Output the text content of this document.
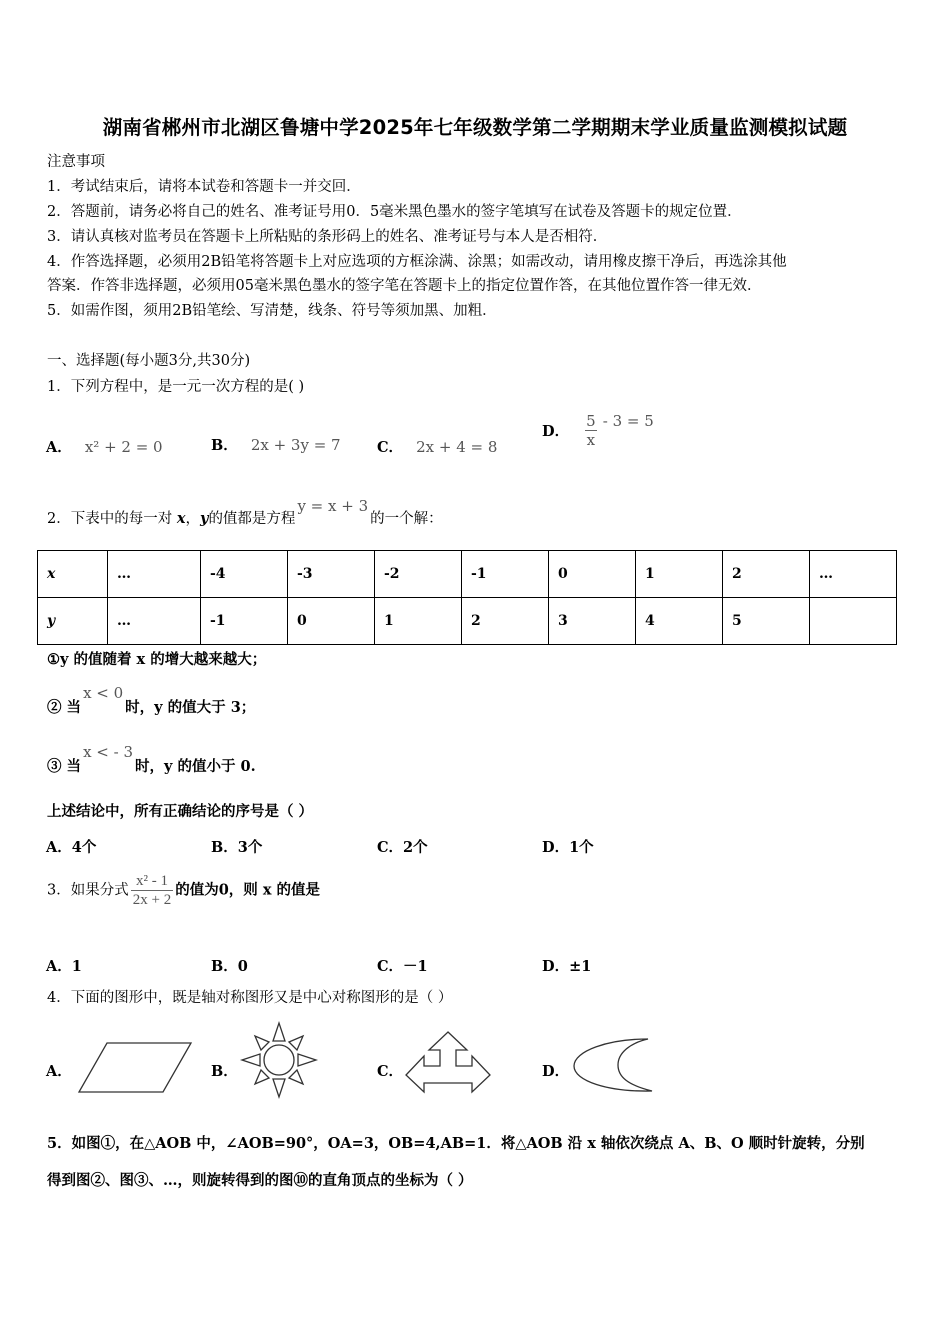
湖南省郴州市北湖区鲁塘中学2025年七年级数学第二学期期末学业质量监测模拟试题
注意事项
1．考试结束后，请将本试卷和答题卡一并交回．
2．答题前，请务必将自己的姓名、准考证号用0．5毫米黑色墨水的签字笔填写在试卷及答题卡的规定位置．
3．请认真核对监考员在答题卡上所粘贴的条形码上的姓名、准考证号与本人是否相符．
4．作答选择题，必须用2B铅笔将答题卡上对应选项的方框涂满、涂黑；如需改动，请用橡皮擦干净后，再选涂其他
答案．作答非选择题，必须用05毫米黑色墨水的签字笔在答题卡上的指定位置作答，在其他位置作答一律无效．
5．如需作图，须用2B铅笔绘、写清楚，线条、符号等须加黑、加粗．
一、选择题(每小题3分,共30分)
1．下列方程中，是一元一次方程的是( )
A． x² + 2 = 0	B． 2x + 3y = 7	C． 2x + 4 = 8
D． $\frac{5}{x} - 3 = 5$
2．下表中的每一对 x，y的值都是方程y = x + 3的一个解：
x	…	-4	-3	-2	-1	0	1	2	…
y	…	-1	0	1	2	3	4	5	
①y 的值随着 x 的增大越来越大；
② 当x < 0时，y 的值大于 3；
③ 当x < - 3时，y 的值小于 0.
上述结论中，所有正确结论的序号是（ ）
A．4个	B．3个	C．2个	D．1个
3．如果分式 $\frac{\text{x² - 1}}{2x + 2}$ 的值为0，则 x 的值是
A．1	B．0	C．－1	D．±1
4．下面的图形中，既是轴对称图形又是中心对称图形的是（ ）
A．	B．	C．	D．
5．如图①，在△AOB 中，∠AOB=90°，OA=3，OB=4,AB=1．将△AOB 沿 x 轴依次绕点 A、B、O 顺时针旋转，分别
得到图②、图③、…，则旋转得到的图⑩的直角顶点的坐标为（ ）
